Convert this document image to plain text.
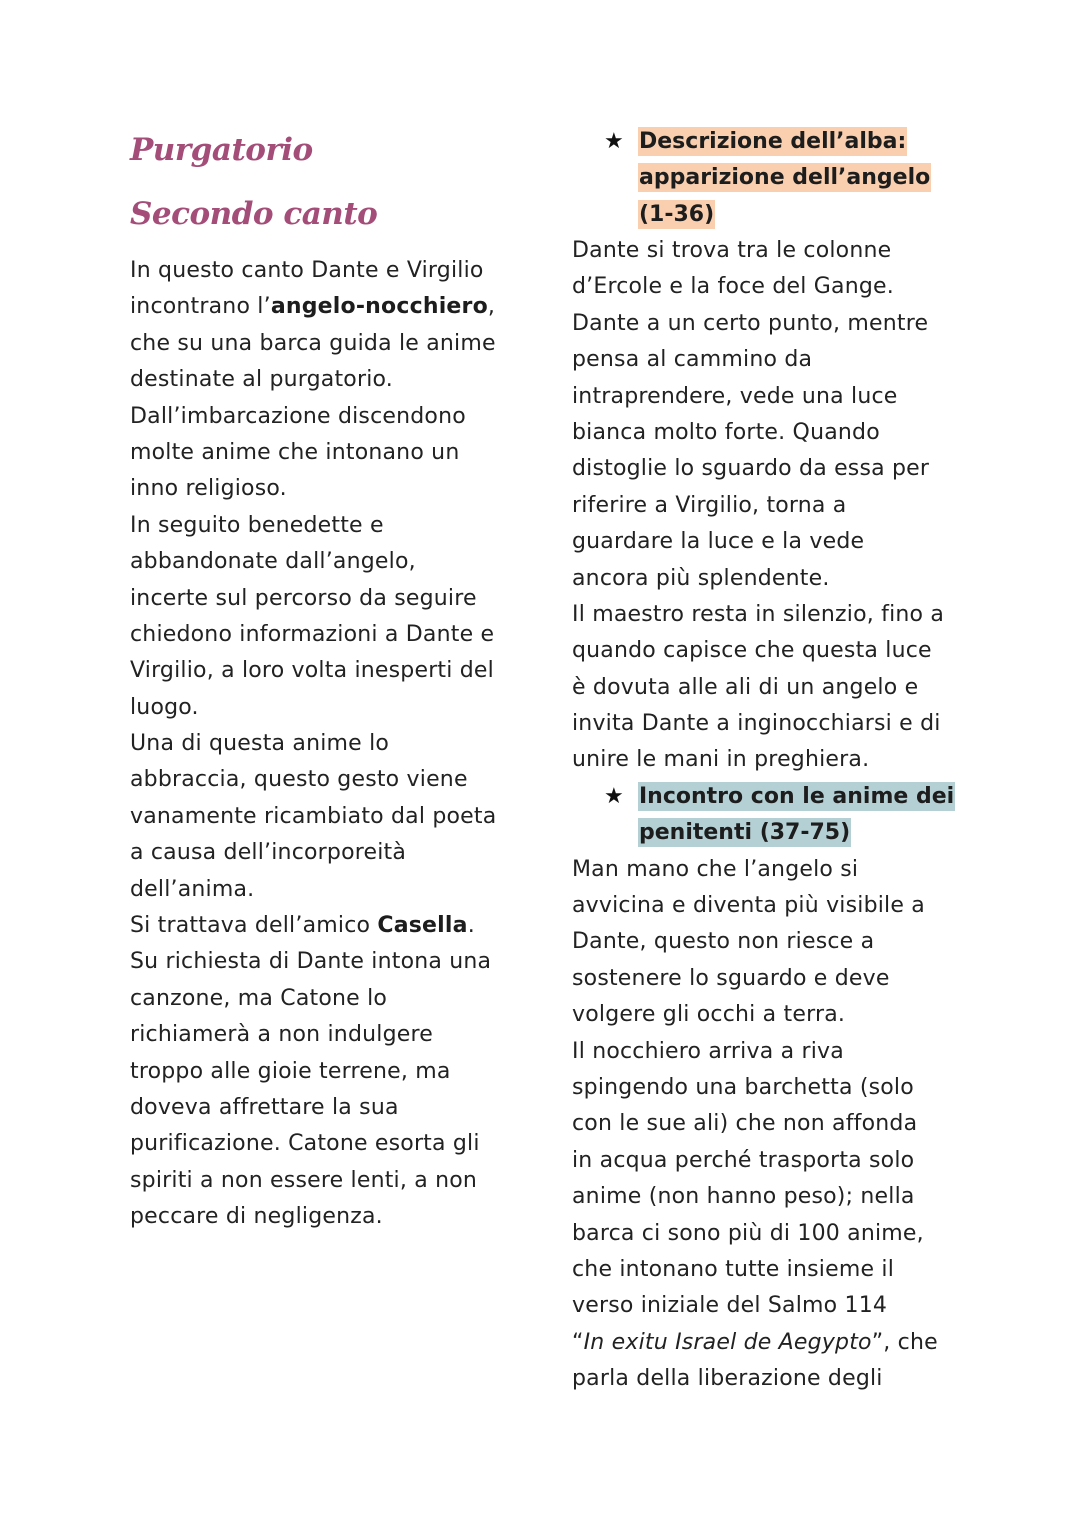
Purgatorio
Secondo canto
In questo canto Dante e Virgilio
incontrano l’angelo-nocchiero,
che su una barca guida le anime
destinate al purgatorio.
Dall’imbarcazione discendono
molte anime che intonano un
inno religioso.
In seguito benedette e
abbandonate dall’angelo,
incerte sul percorso da seguire
chiedono informazioni a Dante e
Virgilio, a loro volta inesperti del
luogo.
Una di questa anime lo
abbraccia, questo gesto viene
vanamente ricambiato dal poeta
a causa dell’incorporeità
dell’anima.
Si trattava dell’amico Casella.
Su richiesta di Dante intona una
canzone, ma Catone lo
richiamerà a non indulgere
troppo alle gioie terrene, ma
doveva affrettare la sua
purificazione. Catone esorta gli
spiriti a non essere lenti, a non
peccare di negligenza.
★ Descrizione dell’alba:
apparizione dell’angelo
(1-36)
Dante si trova tra le colonne
d’Ercole e la foce del Gange.
Dante a un certo punto, mentre
pensa al cammino da
intraprendere, vede una luce
bianca molto forte. Quando
distoglie lo sguardo da essa per
riferire a Virgilio, torna a
guardare la luce e la vede
ancora più splendente.
Il maestro resta in silenzio, fino a
quando capisce che questa luce
è dovuta alle ali di un angelo e
invita Dante a inginocchiarsi e di
unire le mani in preghiera.
Man mano che l’angelo si
avvicina e diventa più visibile a
Dante, questo non riesce a
sostenere lo sguardo e deve
volgere gli occhi a terra.
Il nocchiero arriva a riva
spingendo una barchetta (solo
con le sue ali) che non affonda
in acqua perché trasporta solo
anime (non hanno peso); nella
barca ci sono più di 100 anime,
che intonano tutte insieme il
verso iniziale del Salmo 114
“In exitu Israel de Aegypto”, che
parla della liberazione degli
★ Incontro con le anime dei
penitenti (37-75)
